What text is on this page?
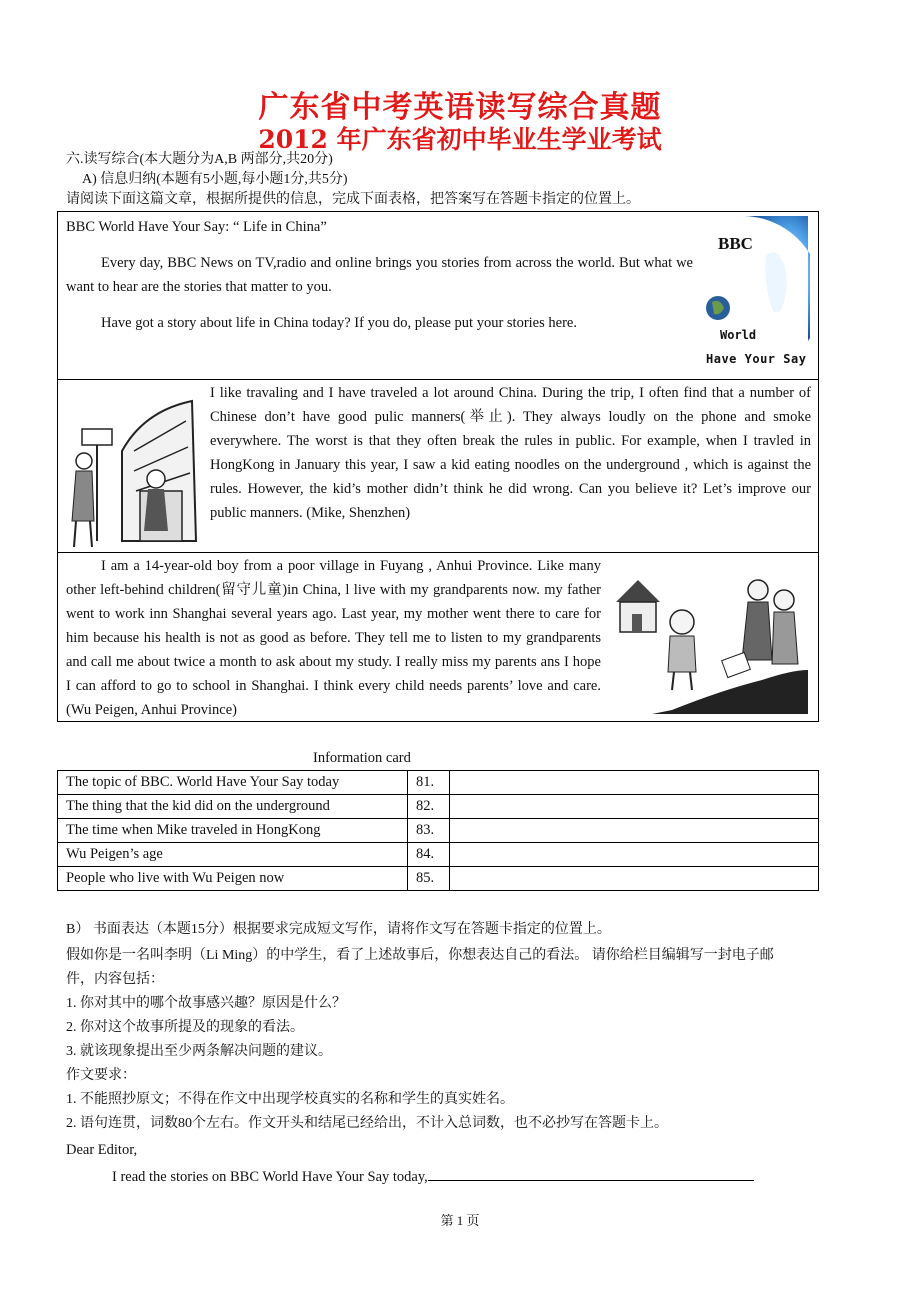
广东省中考英语读写综合真题
2012 年广东省初中毕业生学业考试
六.读写综合(本大题分为A,B 两部分,共20分)
A) 信息归纳(本题有5小题,每小题1分,共5分)
请阅读下面这篇文章，根据所提供的信息，完成下面表格，把答案写在答题卡指定的位置上。
BBC World Have Your Say: “ Life in China”
Every day, BBC News on TV,radio and online brings you stories from across the world. But what we want to hear are the stories that matter to you.
Have got a story about life in China today? If you do, please put your stories here.
BBC
World
Have Your Say
I like travaling and I have traveled a lot around China. During the trip, I often find that a number of Chinese don’t have good pulic manners(举止). They always loudly on the phone and smoke everywhere. The worst is that they often break the rules in public. For example, when I travled in HongKong in January this year, I saw a kid eating noodles on the underground , which is against the rules. However, the kid’s mother didn’t think he did wrong. Can you believe it? Let’s improve our public manners. (Mike, Shenzhen)
I am a 14-year-old boy from a poor village in Fuyang , Anhui Province. Like many other left-behind children(留守儿童)in China, l live with my grandparents now. my father went to work inn Shanghai several years ago. Last year, my mother went there to care for him because his health is not as good as before. They tell me to listen to my grandparents and call me about twice a month to ask about my study. I really miss my parents ans I hope I can afford to go to school in Shanghai. I think every child needs parents’ love and care. (Wu Peigen, Anhui Province)
Information card
The topic of BBC. World Have Your Say today	81.	
The thing that the kid did on the underground	82.	
The time when Mike traveled in HongKong	83.	
Wu Peigen’s age	84.	
People who live with Wu Peigen now	85.	
B） 书面表达（本题15分）根据要求完成短文写作，请将作文写在答题卡指定的位置上。
假如你是一名叫李明（Li Ming）的中学生，看了上述故事后，你想表达自己的看法。 请你给栏目编辑写一封电子邮
件，内容包括：
1. 你对其中的哪个故事感兴趣？原因是什么？
2. 你对这个故事所提及的现象的看法。
3. 就该现象提出至少两条解决问题的建议。
作文要求：
1. 不能照抄原文；不得在作文中出现学校真实的名称和学生的真实姓名。
2. 语句连贯，词数80个左右。作文开头和结尾已经给出，不计入总词数，也不必抄写在答题卡上。
Dear Editor,
I read the stories on BBC World Have Your Say today,
第 1 页
